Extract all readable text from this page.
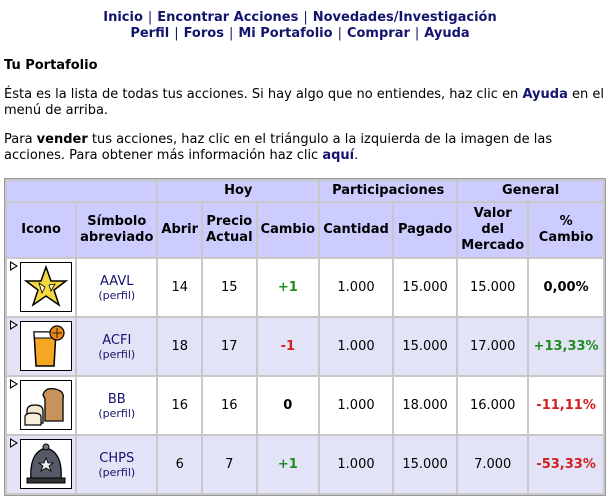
Inicio | Encontrar Acciones | Novedades/Investigación
Perfil | Foros | Mi Portafolio | Comprar | Ayuda
Tu Portafolio
Ésta es la lista de todas tus acciones. Si hay algo que no entiendes, haz clic en Ayuda en el menú de arriba.
Para vender tus acciones, haz clic en el triángulo a la izquierda de la imagen de las acciones. Para obtener más información haz clic aquí.
		Hoy			Participaciones		General	
Icono	Símbolo abreviado	Abrir	Precio Actual	Cambio	Cantidad	Pagado	Valor del Mercado	% Cambio

AAVL
(perfil)	14	15	+1	1.000	15.000	15.000	0,00%

ACFI
(perfil)	18	17	-1	1.000	15.000	17.000	+13,33%

BB
(perfil)	16	16	0	1.000	18.000	16.000	-11,11%

CHPS
(perfil)	6	7	+1	1.000	15.000	7.000	-53,33%
